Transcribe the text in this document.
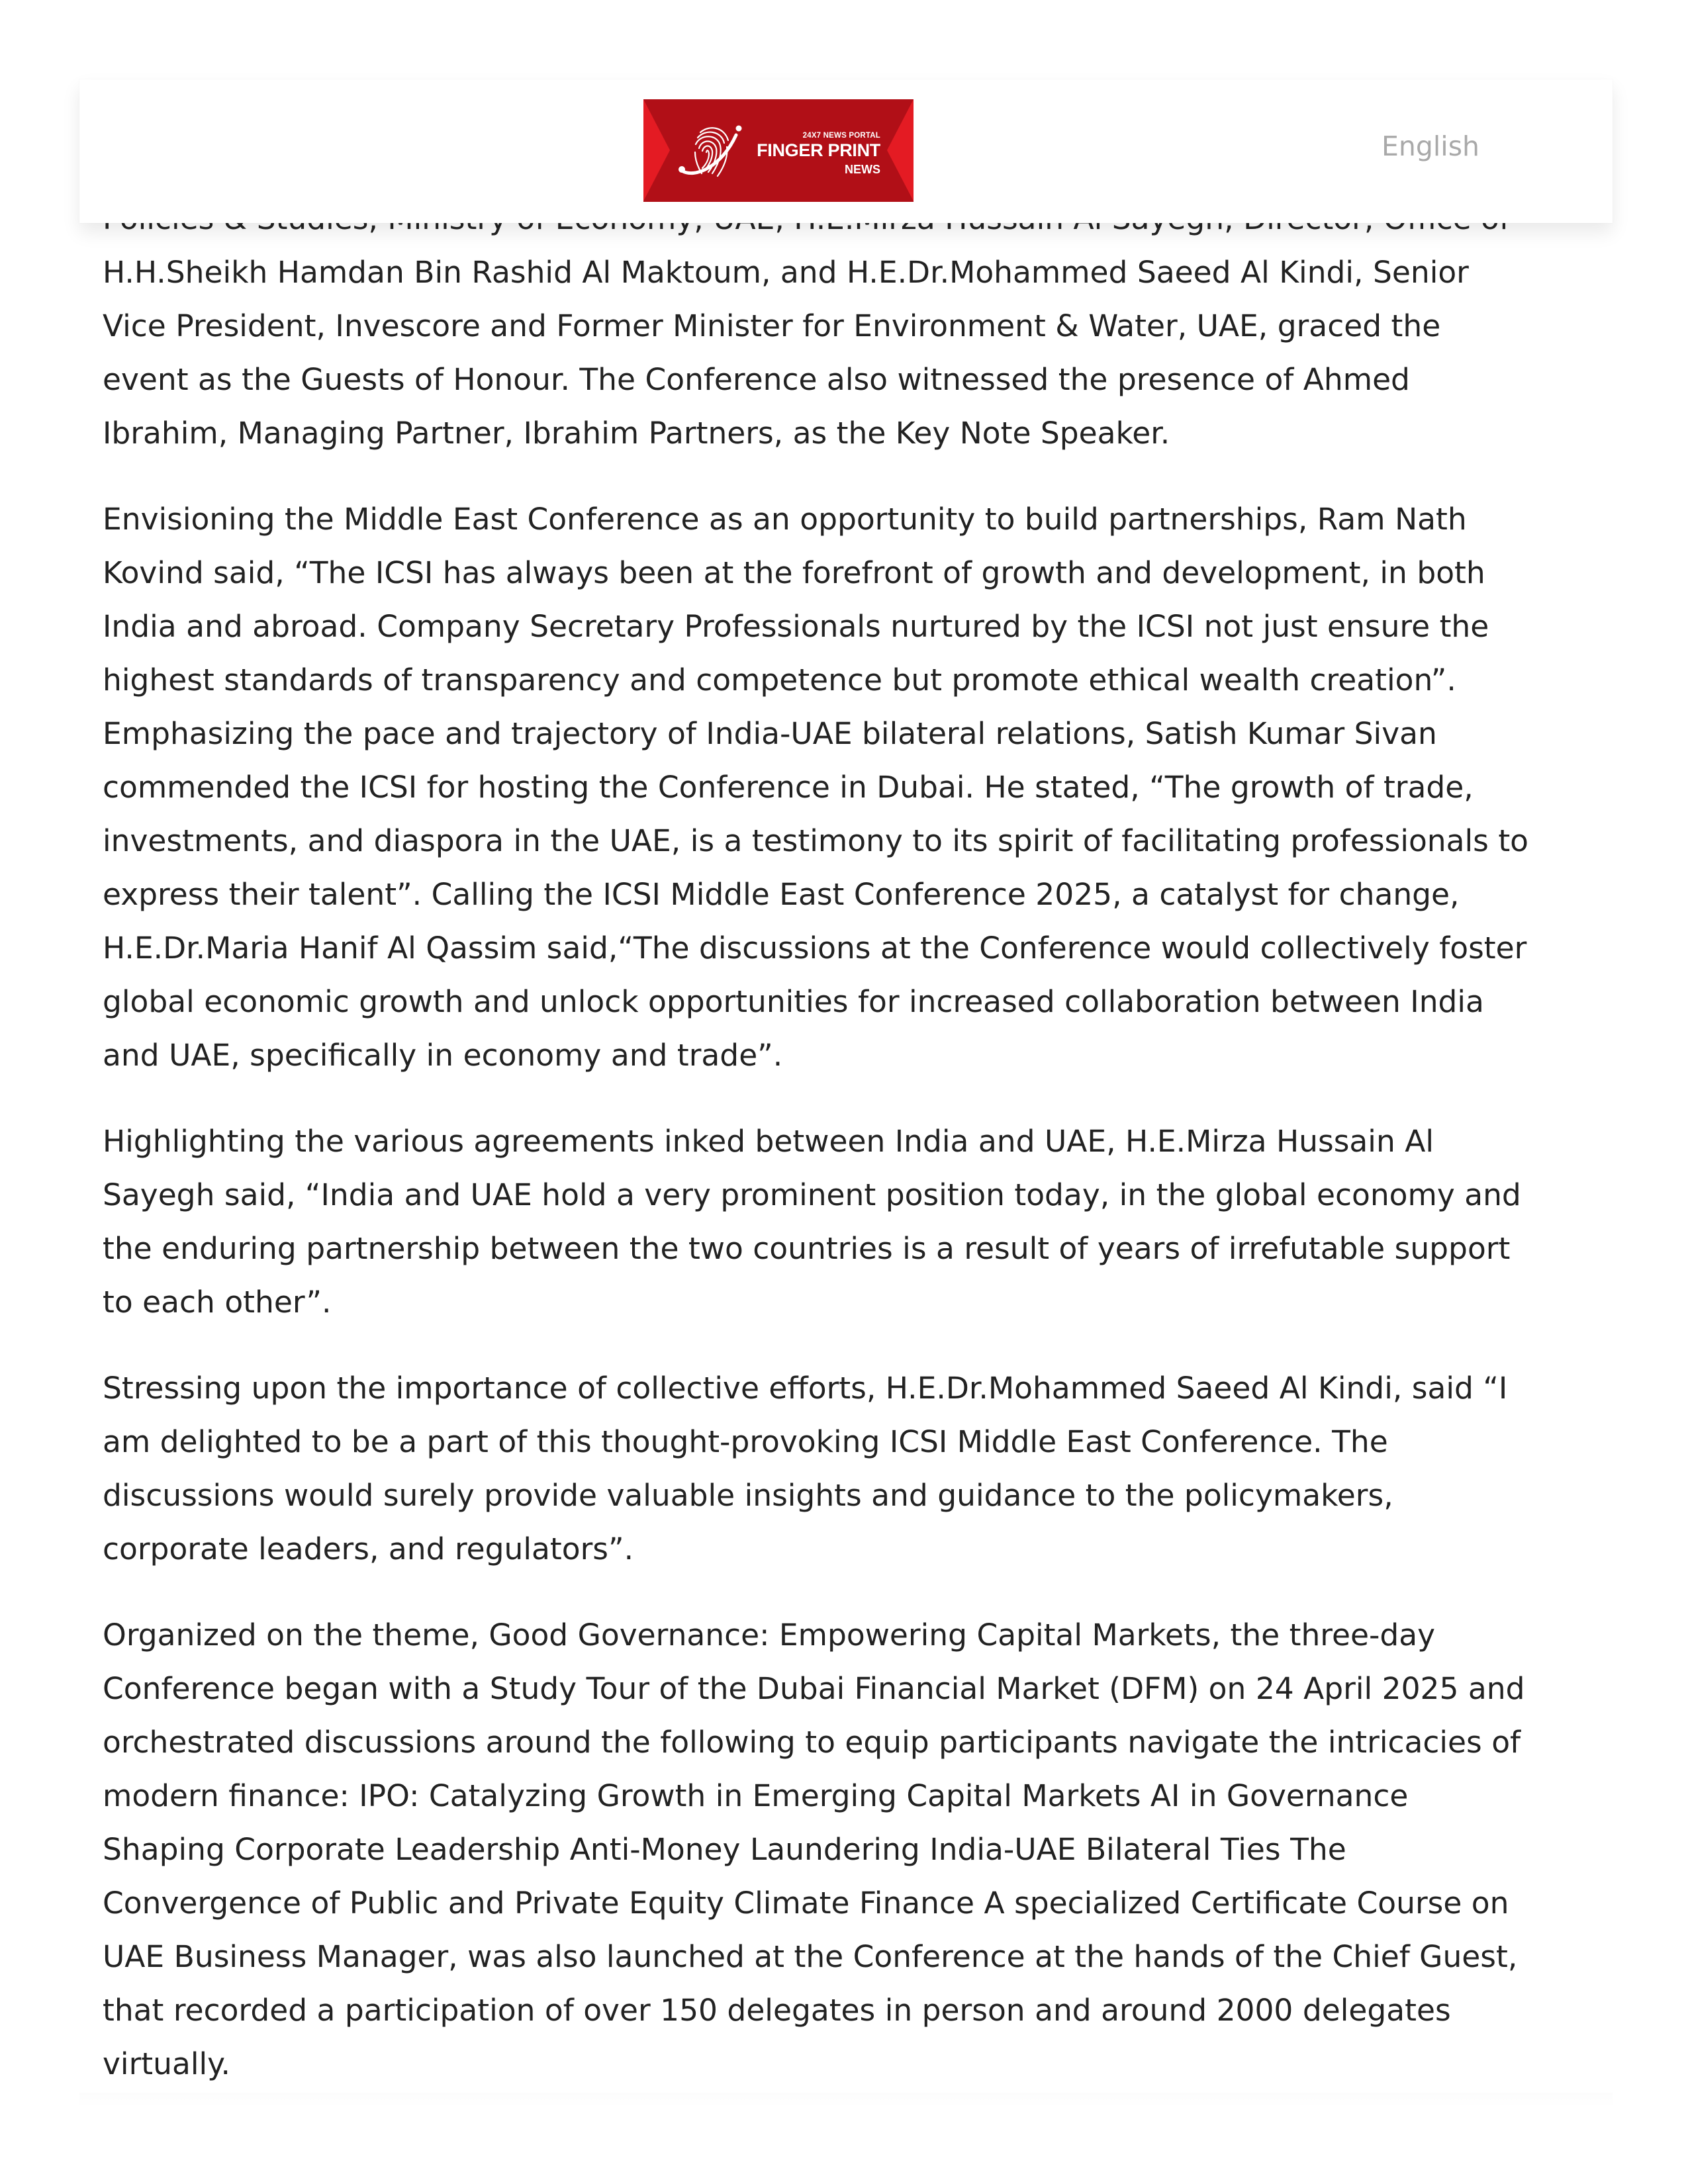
H.H.Sheikh Hamdan Bin Rashid Al Maktoum, and H.E.Dr.Mohammed Saeed Al Kindi, Senior
Vice President, Invescore and Former Minister for Environment & Water, UAE, graced the
event as the Guests of Honour. The Conference also witnessed the presence of Ahmed
Ibrahim, Managing Partner, Ibrahim Partners, as the Key Note Speaker.

Envisioning the Middle East Conference as an opportunity to build partnerships, Ram Nath
Kovind said, “The ICSI has always been at the forefront of growth and development, in both
India and abroad. Company Secretary Professionals nurtured by the ICSI not just ensure the
highest standards of transparency and competence but promote ethical wealth creation”.
Emphasizing the pace and trajectory of India-UAE bilateral relations, Satish Kumar Sivan
commended the ICSI for hosting the Conference in Dubai. He stated, “The growth of trade,
investments, and diaspora in the UAE, is a testimony to its spirit of facilitating professionals to
express their talent”. Calling the ICSI Middle East Conference 2025, a catalyst for change,
H.E.Dr.Maria Hanif Al Qassim said,“The discussions at the Conference would collectively foster
global economic growth and unlock opportunities for increased collaboration between India
and UAE, specifically in economy and trade”.

Highlighting the various agreements inked between India and UAE, H.E.Mirza Hussain Al
Sayegh said, “India and UAE hold a very prominent position today, in the global economy and
the enduring partnership between the two countries is a result of years of irrefutable support
to each other”.

Stressing upon the importance of collective efforts, H.E.Dr.Mohammed Saeed Al Kindi, said “I
am delighted to be a part of this thought-provoking ICSI Middle East Conference. The
discussions would surely provide valuable insights and guidance to the policymakers,
corporate leaders, and regulators”.

Organized on the theme, Good Governance: Empowering Capital Markets, the three-day
Conference began with a Study Tour of the Dubai Financial Market (DFM) on 24 April 2025 and
orchestrated discussions around the following to equip participants navigate the intricacies of
modern finance: IPO: Catalyzing Growth in Emerging Capital Markets AI in Governance
Shaping Corporate Leadership Anti-Money Laundering India-UAE Bilateral Ties The
Convergence of Public and Private Equity Climate Finance A specialized Certificate Course on
UAE Business Manager, was also launched at the Conference at the hands of the Chief Guest,
that recorded a participation of over 150 delegates in person and around 2000 delegates
virtually.

24X7 NEWS PORTAL
FINGER PRINT
NEWS
English
